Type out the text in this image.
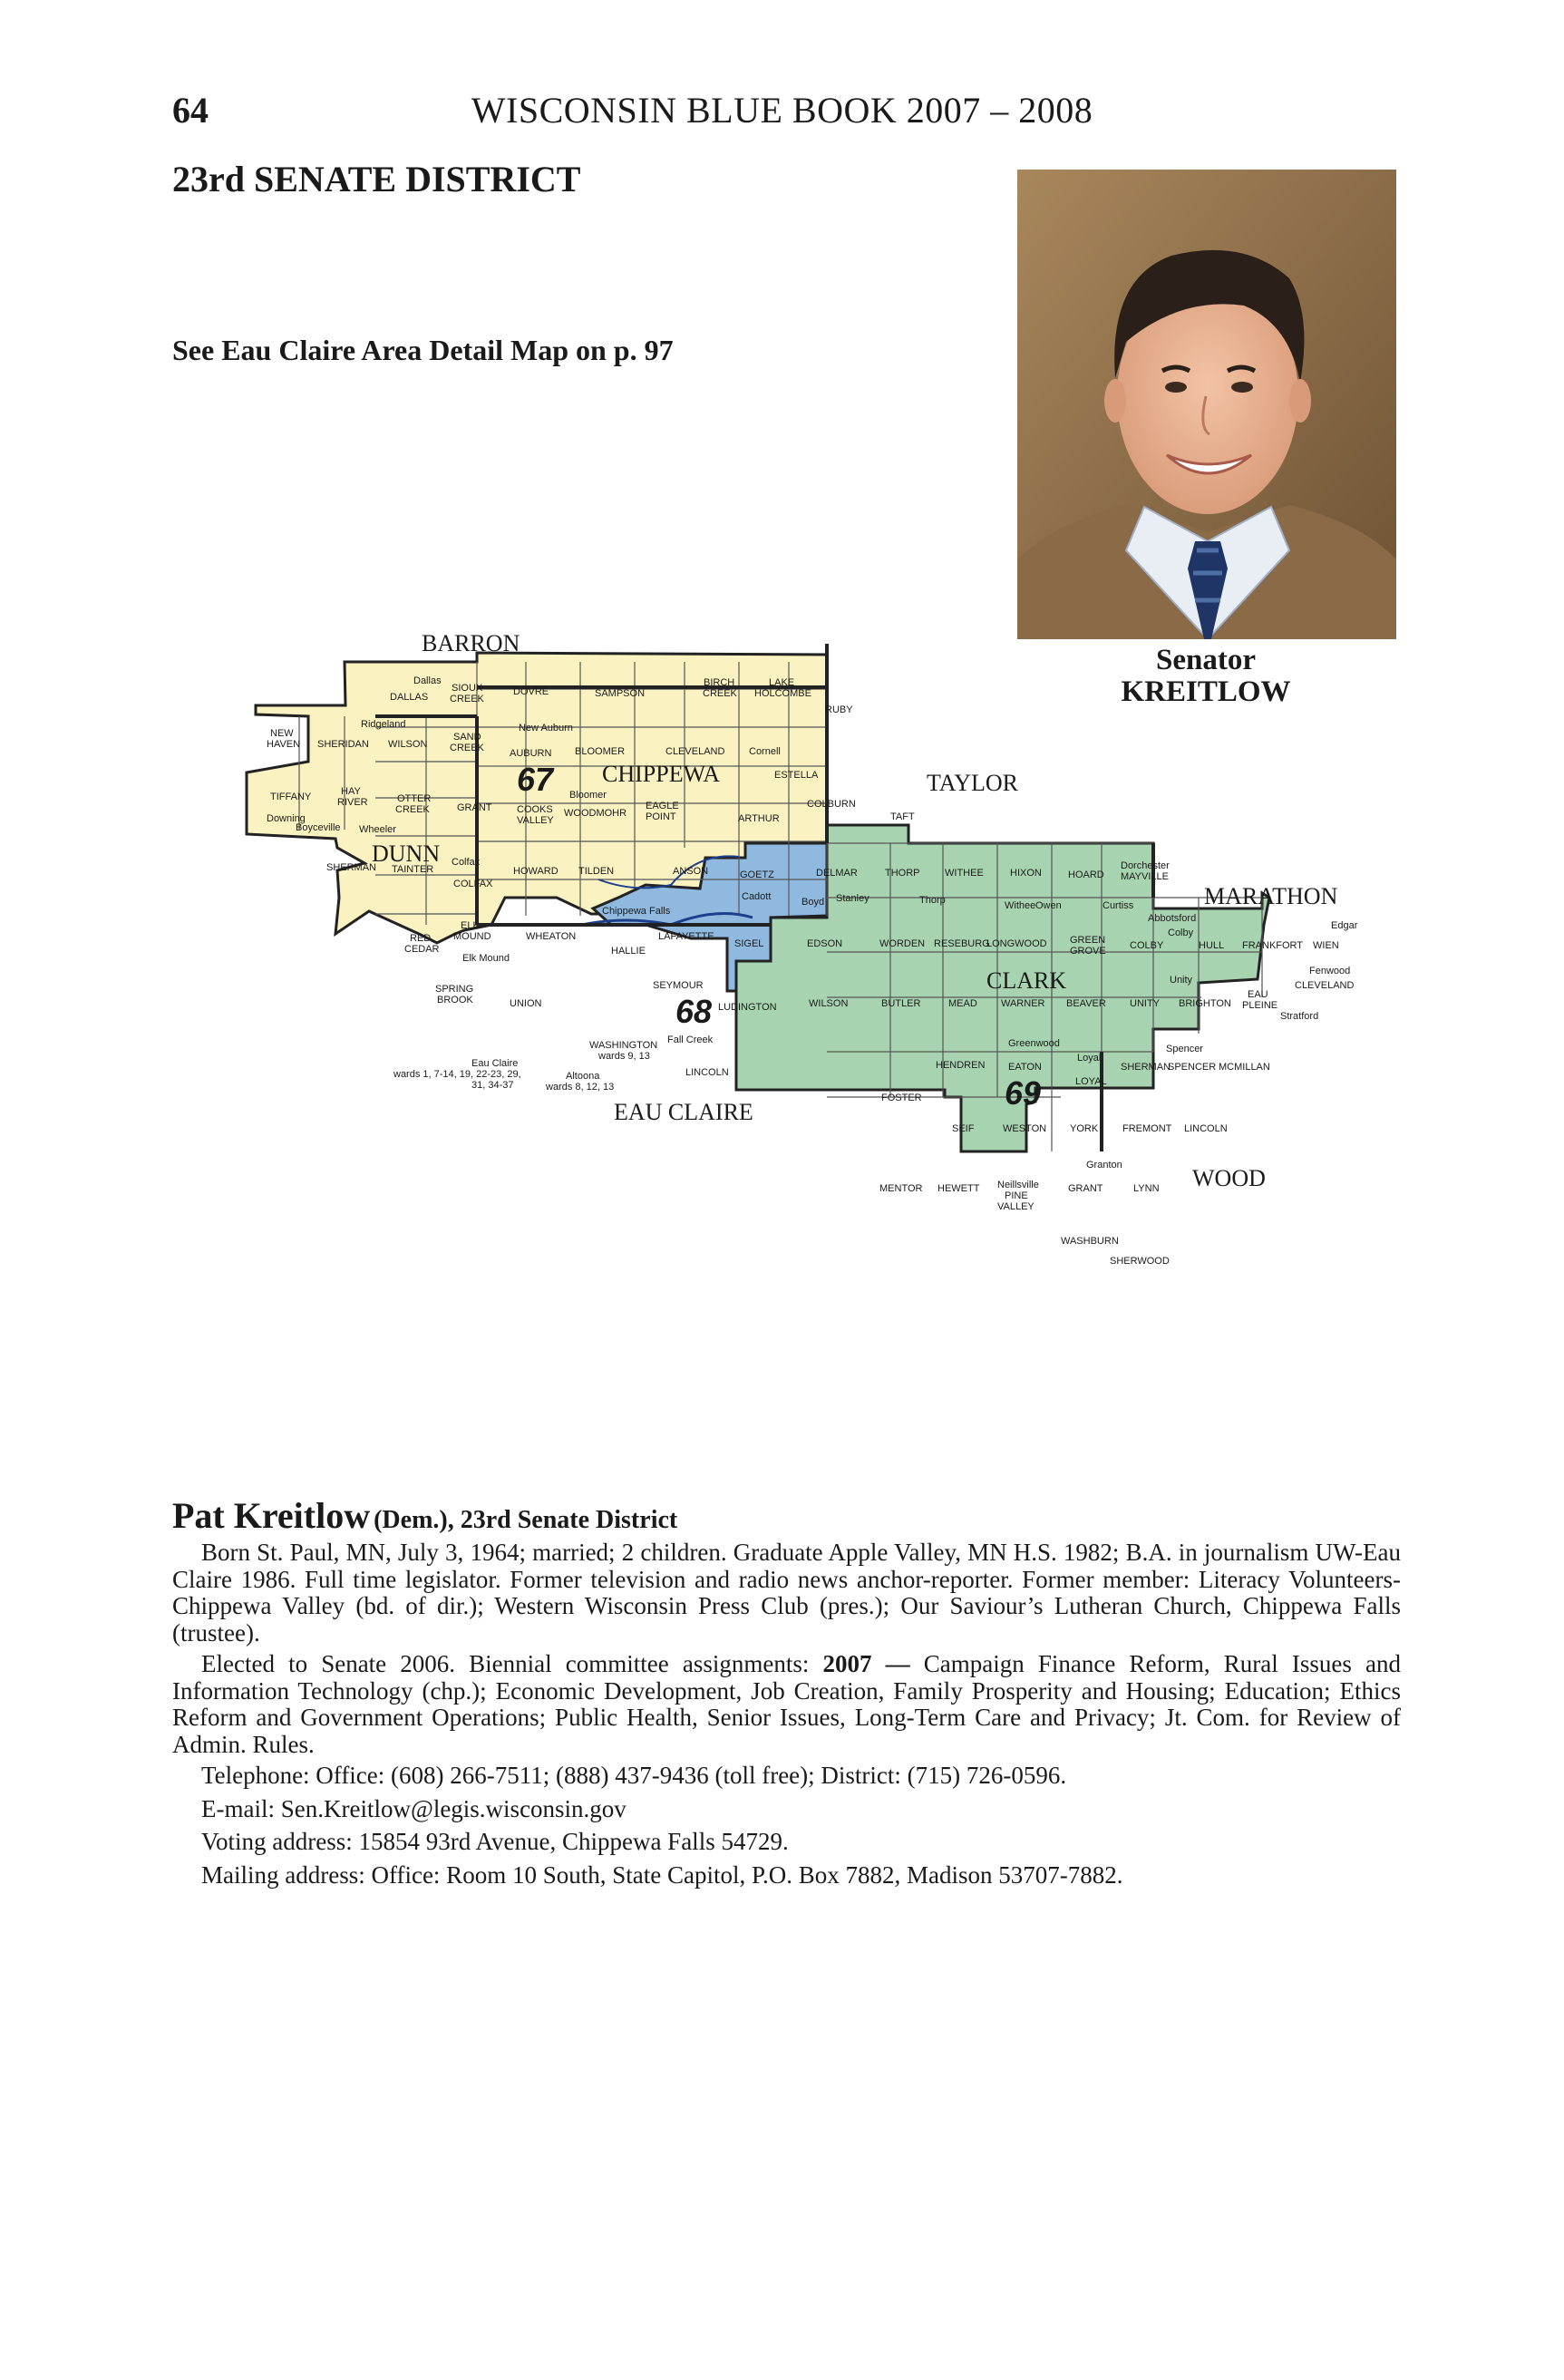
64	WISCONSIN BLUE BOOK 2007 – 2008
23rd SENATE DISTRICT
See Eau Claire Area Detail Map on p. 97
Senator
KREITLOW
BARRON
TAYLOR
MARATHON
DUNN
CHIPPEWA
CLARK
EAU CLAIRE
WOOD
67
68
69
Dallas
DALLAS
SIOUX
CREEK
DOVRE	SAMPSON
BIRCH
CREEK
LAKE
HOLCOMBE
RUBY
Ridgeland
NEW
HAVEN SHERIDAN WILSON
SAND
CREEK
New Auburn
AUBURN BLOOMER	CLEVELAND Cornell
ESTELLA
TIFFANY	HAY
RIVER	OTTER
CREEK	GRANT
Bloomer
COOKS
VALLEY
WOODMOHR
EAGLE
POINT	ARTHUR
COLBURN
TAFT
Downing
Boyceville Wheeler
SHERMAN TAINTER
Colfax
COLFAX
HOWARD TILDEN	ANSON	GOETZ	DELMAR	THORP	WITHEE	HIXON	HOARD
Dorchester
MAYVILLE
Chippewa Falls
Cadott	Boyd Stanley	Thorp	Withee Owen	Curtiss
Abbotsford
Colby
Edgar
RED
CEDAR
ELK
MOUND
Elk Mound
WHEATON
HALLIE
LAFAYETTE
SIGEL	EDSON	WORDEN RESEBURG
LONGWOOD GREEN
GROVE COLBY	HULL FRANKFORT WIEN
Fenwood
SPRING
BROOK	UNION
SEYMOUR
LUDINGTON	WILSON	BUTLER	MEAD WARNER BEAVER UNITY
Unity
BRIGHTON
EAU
PLEINE
Stratford
CLEVELAND
WASHINGTON
wards 9, 13
Fall Creek	Greenwood
Loyal
Spencer
LINCOLN
HENDREN EATON
LOYAL
SHERMAN
SPENCER MCMILLAN
FOSTER
SEIF	WESTON YORK FREMONT LINCOLN
Eau Claire
wards 1, 7-14, 19, 22-23, 29,
31, 34-37
Altoona
wards 8, 12, 13
Granton
MENTOR HEWETT Neillsville
PINE
VALLEY
GRANT	LYNN
WASHBURN
SHERWOOD
Pat Kreitlow (Dem.), 23rd Senate District

Born St. Paul, MN, July 3, 1964; married; 2 children. Graduate Apple Valley, MN H.S. 1982; B.A. in journalism UW-Eau Claire 1986. Full time legislator. Former television and radio news anchor-reporter. Former member: Literacy Volunteers-Chippewa Valley (bd. of dir.); Western Wisconsin Press Club (pres.); Our Saviour’s Lutheran Church, Chippewa Falls (trustee).

Elected to Senate 2006. Biennial committee assignments: 2007 — Campaign Finance Reform, Rural Issues and Information Technology (chp.); Economic Development, Job Creation, Family Prosperity and Housing; Education; Ethics Reform and Government Operations; Public Health, Senior Issues, Long-Term Care and Privacy; Jt. Com. for Review of Admin. Rules.

Telephone: Office: (608) 266-7511; (888) 437-9436 (toll free); District: (715) 726-0596.

E-mail: Sen.Kreitlow@legis.wisconsin.gov

Voting address: 15854 93rd Avenue, Chippewa Falls 54729.

Mailing address: Office: Room 10 South, State Capitol, P.O. Box 7882, Madison 53707-7882.
